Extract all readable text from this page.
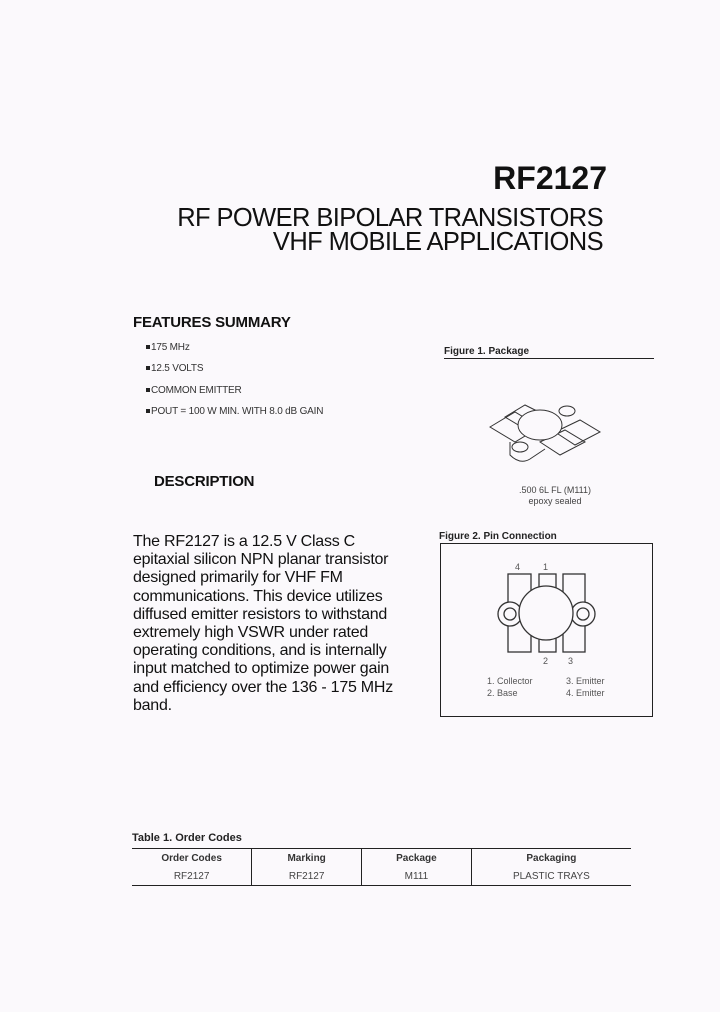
RF2127
RF POWER BIPOLAR TRANSISTORS
VHF MOBILE APPLICATIONS
FEATURES SUMMARY
175 MHz
12.5 VOLTS
COMMON EMITTER
POUT = 100 W MIN. WITH 8.0 dB GAIN
DESCRIPTION
The RF2127 is a 12.5 V Class C epitaxial silicon NPN planar transistor designed primarily for VHF FM communications. This device utilizes diffused emitter resistors to withstand extremely high VSWR under rated operating conditions, and is internally input matched to optimize power gain and efficiency over the 136 - 175 MHz band.
Figure 1. Package
.500 6L FL (M111)
epoxy sealed
Figure 2. Pin Connection
4	1
2 3
1. Collector
2. Base
3. Emitter
4. Emitter
Table 1. Order Codes
Order Codes	Marking	Package	Packaging
RF2127	RF2127	M111	PLASTIC TRAYS
